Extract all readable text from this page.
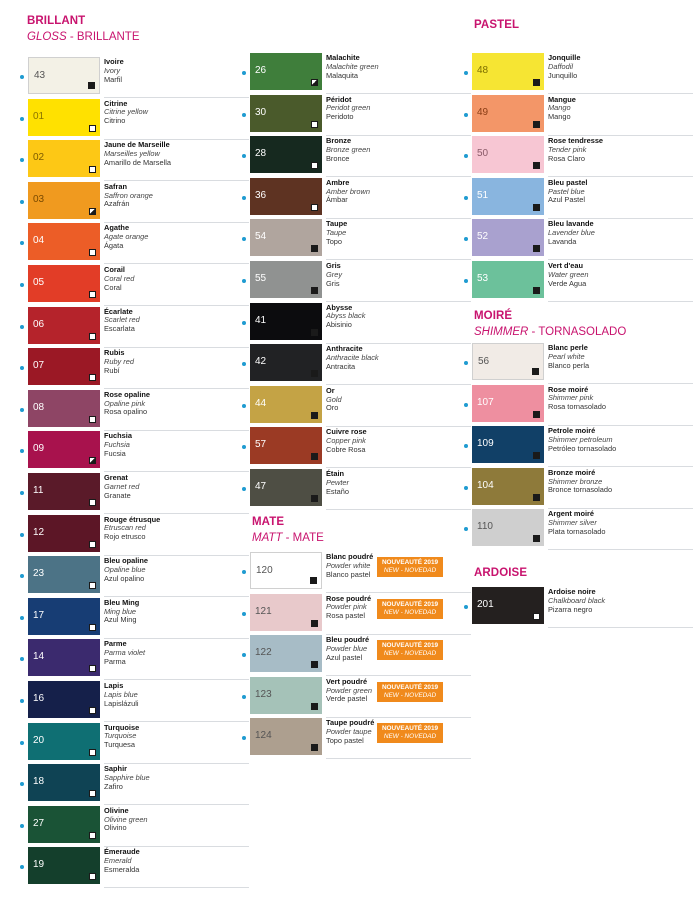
BRILLANT
GLOSS - BRILLANTE
PASTEL
MOIRÉ
SHIMMER - TORNASOLADO
MATE
MATT - MATE
ARDOISE
43
Ivoire
Ivory
Marfil
01
Citrine
Citrine yellow
Citrino
02
Jaune de Marseille
Marseilles yellow
Amarillo de Marsella
03
Safran
Saffron orange
Azafrán
04
Agathe
Agate orange
Ágata
05
Corail
Coral red
Coral
06
Écarlate
Scarlet red
Escarlata
07
Rubis
Ruby red
Rubí
08
Rose opaline
Opaline pink
Rosa opalino
09
Fuchsia
Fuchsia
Fucsia
11
Grenat
Garnet red
Granate
12
Rouge étrusque
Etruscan red
Rojo etrusco
23
Bleu opaline
Opaline blue
Azul opalino
17
Bleu Ming
Ming blue
Azul Ming
14
Parme
Parma violet
Parma
16
Lapis
Lapis blue
Lapislázuli
20
Turquoise
Turquoise
Turquesa
18
Saphir
Sapphire blue
Zafiro
27
Olivine
Olivine green
Olivino
19
Émeraude
Emerald
Esmeralda
26
Malachite
Malachite green
Malaquita
30
Péridot
Peridot green
Peridoto
28
Bronze
Bronze green
Bronce
36
Ambre
Amber brown
Ámbar
54
Taupe
Taupe
Topo
55
Gris
Grey
Gris
41
Abysse
Abyss black
Abisinio
42
Anthracite
Anthracite black
Antracita
44
Or
Gold
Oro
57
Cuivre rose
Copper pink
Cobre Rosa
47
Étain
Pewter
Estaño
120
Blanc poudré
Powder white
Blanco pastel
NOUVEAUTÉ 2019
NEW - NOVEDAD
121
Rose poudré
Powder pink
Rosa pastel
NOUVEAUTÉ 2019
NEW - NOVEDAD
122
Bleu poudré
Powder blue
Azul pastel
NOUVEAUTÉ 2019
NEW - NOVEDAD
123
Vert poudré
Powder green
Verde pastel
NOUVEAUTÉ 2019
NEW - NOVEDAD
124
Taupe poudré
Powder taupe
Topo pastel
NOUVEAUTÉ 2019
NEW - NOVEDAD
48
Jonquille
Daffodil
Junquillo
49
Mangue
Mango
Mango
50
Rose tendresse
Tender pink
Rosa Claro
51
Bleu pastel
Pastel blue
Azul Pastel
52
Bleu lavande
Lavender blue
Lavanda
53
Vert d'eau
Water green
Verde Agua
56
Blanc perle
Pearl white
Blanco perla
107
Rose moiré
Shimmer pink
Rosa tornasolado
109
Petrole moiré
Shimmer petroleum
Petróleo tornasolado
104
Bronze moiré
Shimmer bronze
Bronce tornasolado
110
Argent moiré
Shimmer silver
Plata tornasolado
201
Ardoise noire
Chalkboard black
Pizarra negro
